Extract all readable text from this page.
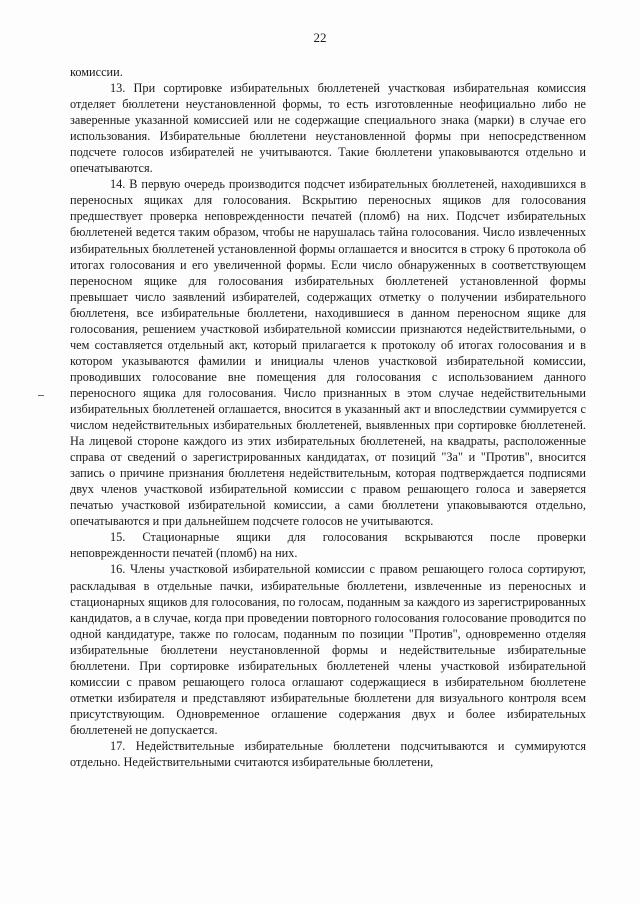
22

комиссии.

13. При сортировке избирательных бюллетеней участковая избирательная комиссия отделяет бюллетени неустановленной формы, то есть изготовленные неофициально либо не заверенные указанной комиссией или не содержащие специального знака (марки) в случае его использования. Избирательные бюллетени неустановленной формы при непосредственном подсчете голосов избирателей не учитываются. Такие бюллетени упаковываются отдельно и опечатываются.

14. В первую очередь производится подсчет избирательных бюллетеней, находившихся в переносных ящиках для голосования. Вскрытию переносных ящиков для голосования предшествует проверка неповрежденности печатей (пломб) на них. Подсчет избирательных бюллетеней ведется таким образом, чтобы не нарушалась тайна голосования. Число извлеченных избирательных бюллетеней установленной формы оглашается и вносится в строку 6 протокола об итогах голосования и его увеличенной формы. Если число обнаруженных в соответствующем переносном ящике для голосования избирательных бюллетеней установленной формы превышает число заявлений избирателей, содержащих отметку о получении избирательного бюллетеня, все избирательные бюллетени, находившиеся в данном переносном ящике для голосования, решением участковой избирательной комиссии признаются недействительными, о чем составляется отдельный акт, который прилагается к протоколу об итогах голосования и в котором указываются фамилии и инициалы членов участковой избирательной комиссии, проводивших голосование вне помещения для голосования с использованием данного переносного ящика для голосования. Число признанных в этом случае недействительными избирательных бюллетеней оглашается, вносится в указанный акт и впоследствии суммируется с числом недействительных избирательных бюллетеней, выявленных при сортировке бюллетеней. На лицевой стороне каждого из этих избирательных бюллетеней, на квадраты, расположенные справа от сведений о зарегистрированных кандидатах, от позиций "За" и "Против", вносится запись о причине признания бюллетеня недействительным, которая подтверждается подписями двух членов участковой избирательной комиссии с правом решающего голоса и заверяется печатью участковой избирательной комиссии, а сами бюллетени упаковываются отдельно, опечатываются и при дальнейшем подсчете голосов не учитываются.

15. Стационарные ящики для голосования вскрываются после проверки неповрежденности печатей (пломб) на них.

16. Члены участковой избирательной комиссии с правом решающего голоса сортируют, раскладывая в отдельные пачки, избирательные бюллетени, извлеченные из переносных и стационарных ящиков для голосования, по голосам, поданным за каждого из зарегистрированных кандидатов, а в случае, когда при проведении повторного голосования голосование проводится по одной кандидатуре, также по голосам, поданным по позиции "Против", одновременно отделяя избирательные бюллетени неустановленной формы и недействительные избирательные бюллетени. При сортировке избирательных бюллетеней члены участковой избирательной комиссии с правом решающего голоса оглашают содержащиеся в избирательном бюллетене отметки избирателя и представляют избирательные бюллетени для визуального контроля всем присутствующим. Одновременное оглашение содержания двух и более избирательных бюллетеней не допускается.

17. Недействительные избирательные бюллетени подсчитываются и суммируются отдельно. Недействительными считаются избирательные бюллетени,
